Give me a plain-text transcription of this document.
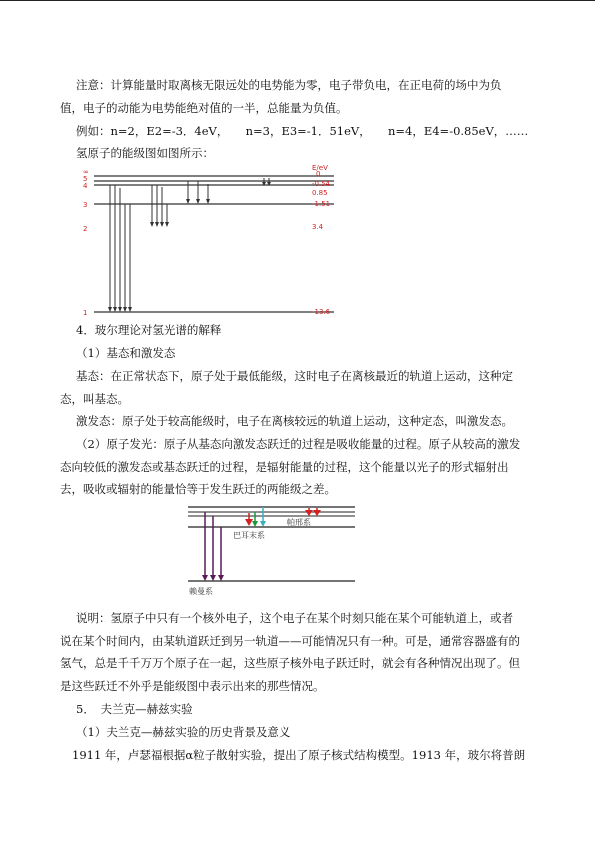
注意：计算能量时取离核无限远处的电势能为零，电子带负电，在正电荷的场中为负
值，电子的动能为电势能绝对值的一半，总能量为负值。
例如：n=2，E2=-3．4eV，　　n=3，E3=-1．51eV，　　n=4，E4=-0.85eV，……
氢原子的能级图如图所示：
∞
5
4
3
2
1
E/eV
0
-0.54
0.85
-1.51
3.4
-13.6
4．玻尔理论对氢光谱的解释
（1）基态和激发态
基态：在正常状态下，原子处于最低能级，这时电子在离核最近的轨道上运动，这种定
态，叫基态。
激发态：原子处于较高能级时，电子在离核较远的轨道上运动，这种定态，叫激发态。
（2）原子发光：原子从基态向激发态跃迁的过程是吸收能量的过程。原子从较高的激发
态向较低的激发态或基态跃迁的过程，是辐射能量的过程，这个能量以光子的形式辐射出
去，吸收或辐射的能量恰等于发生跃迁的两能级之差。
巴耳末系
帕邢系
赖曼系
说明：氢原子中只有一个核外电子，这个电子在某个时刻只能在某个可能轨道上，或者
说在某个时间内，由某轨道跃迁到另一轨道——可能情况只有一种。可是，通常容器盛有的
氢气，总是千千万万个原子在一起，这些原子核外电子跃迁时，就会有各种情况出现了。但
是这些跃迁不外乎是能级图中表示出来的那些情况。
5．　夫兰克—赫兹实验
（1）夫兰克—赫兹实验的历史背景及意义
1911 年，卢瑟福根据α粒子散射实验，提出了原子核式结构模型。1913 年，玻尔将普朗
